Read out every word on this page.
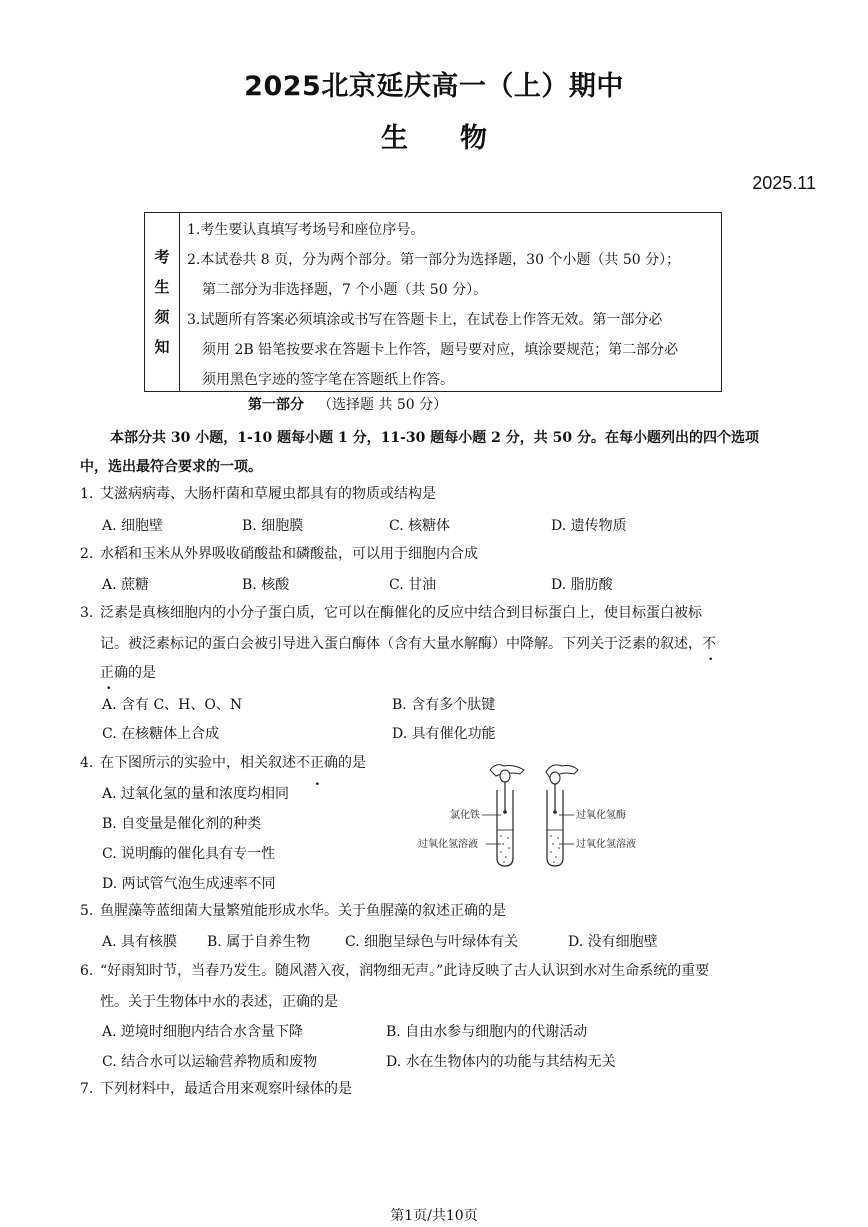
2025北京延庆高一（上）期中
生物
2025.11
考
生
须
知
1.考生要认真填写考场号和座位序号。
2.本试卷共 8 页，分为两个部分。第一部分为选择题，30 个小题（共 50 分）；
第二部分为非选择题，7 个小题（共 50 分）。
3.试题所有答案必须填涂或书写在答题卡上，在试卷上作答无效。第一部分必
须用 2B 铅笔按要求在答题卡上作答，题号要对应，填涂要规范；第二部分必
须用黑色字迹的签字笔在答题纸上作答。
第一部分 （选择题 共 50 分）
本部分共 30 小题，1-10 题每小题 1 分，11-30 题每小题 2 分，共 50 分。在每小题列出的四个选项
中，选出最符合要求的一项。
1. 艾滋病病毒、大肠杆菌和草履虫都具有的物质或结构是
A. 细胞壁	B. 细胞膜	C. 核糖体	D. 遗传物质
2. 水稻和玉米从外界吸收硝酸盐和磷酸盐，可以用于细胞内合成
A. 蔗糖	B. 核酸	C. 甘油	D. 脂肪酸
3. 泛素是真核细胞内的小分子蛋白质，它可以在酶催化的反应中结合到目标蛋白上，使目标蛋白被标
记。被泛素标记的蛋白会被引导进入蛋白酶体（含有大量水解酶）中降解。下列关于泛素的叙述，不
正确的是
A. 含有 C、H、O、N	B. 含有多个肽键
C. 在核糖体上合成	D. 具有催化功能
4. 在下图所示的实验中，相关叙述不正确的是
A. 过氧化氢的量和浓度均相同
B. 自变量是催化剂的种类
C. 说明酶的催化具有专一性
D. 两试管气泡生成速率不同
氯化铁
过氧化氢溶液
过氧化氢酶
过氧化氢溶液
5. 鱼腥藻等蓝细菌大量繁殖能形成水华。关于鱼腥藻的叙述正确的是
A. 具有核膜 B. 属于自养生物 C. 细胞呈绿色与叶绿体有关	D. 没有细胞壁
6. “好雨知时节，当春乃发生。随风潜入夜，润物细无声。”此诗反映了古人认识到水对生命系统的重要
性。关于生物体中水的表述，正确的是
A. 逆境时细胞内结合水含量下降	B. 自由水参与细胞内的代谢活动
C. 结合水可以运输营养物质和废物	D. 水在生物体内的功能与其结构无关
7. 下列材料中，最适合用来观察叶绿体的是
第1页/共10页
